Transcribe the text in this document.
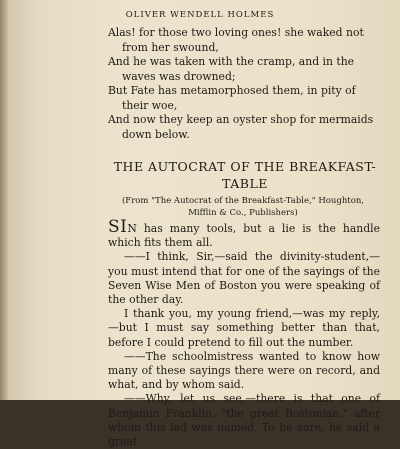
OLIVER WENDELL HOLMES
Alas! for those two loving ones! she waked not from her swound,
And he was taken with the cramp, and in the waves was drowned;
But Fate has metamorphosed them, in pity of their woe,
And now they keep an oyster shop for mermaids down below.
THE AUTOCRAT OF THE BREAKFAST-
TABLE
(From "The Autocrat of the Breakfast-Table," Houghton, Mifflin & Co., Publishers)

SIN has many tools, but a lie is the handle which fits them all.

——I think, Sir,—said the divinity-student,—you must intend that for one of the sayings of the Seven Wise Men of Boston you were speaking of the other day.

I thank you, my young friend,—was my reply,—but I must say something better than that, before I could pretend to fill out the number.

——The schoolmistress wanted to know how many of these sayings there were on record, and what, and by whom said.

——Why, let us see,—there is that one of Benjamin Franklin, "the great Bostonian," after whom this lad was named. To be sure, he said a great
